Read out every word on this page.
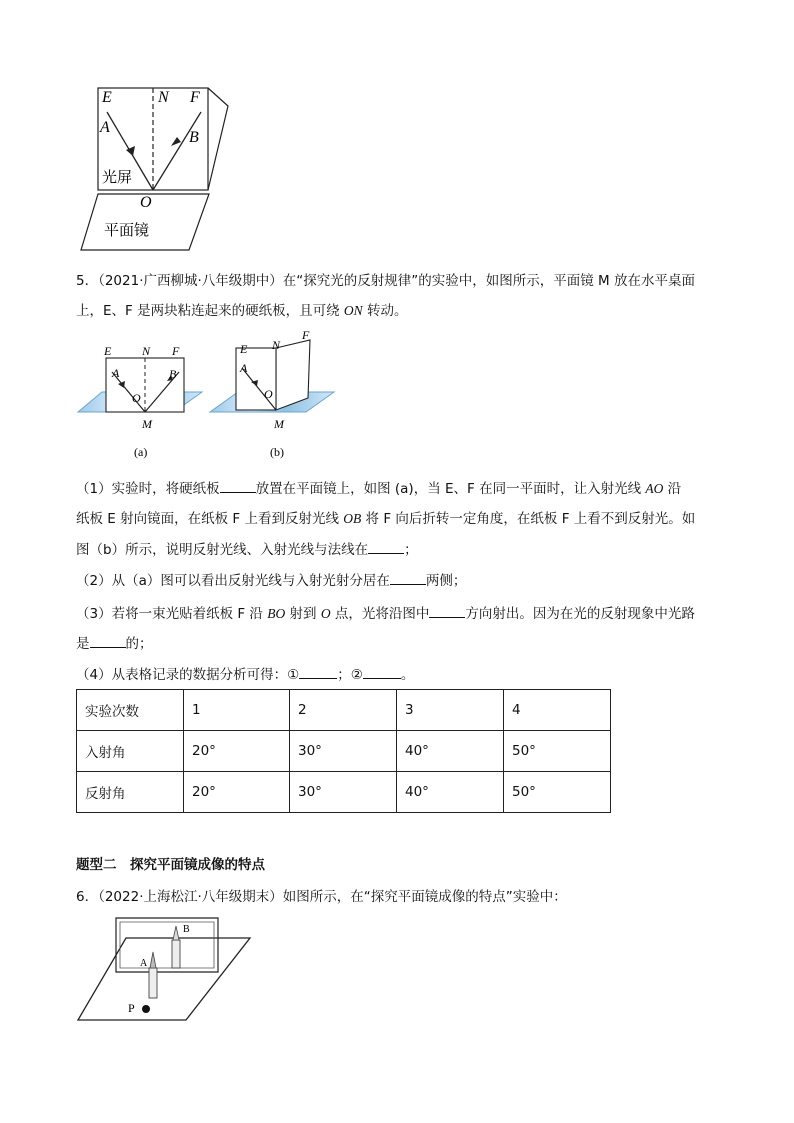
E	N F
A
B
O
光屏
平面镜
5．（2021·广西柳城·八年级期中）在“探究光的反射规律”的实验中，如图所示，平面镜 M 放在水平桌面
上，E、F 是两块粘连起来的硬纸板，且可绕 ON 转动。
E	N F
A	B
O
M
(a)
E N
F
A
O
M
(b)
（1）实验时，将硬纸板	放置在平面镜上，如图 (a)，当 E、F 在同一平面时，让入射光线 AO 沿
纸板 E 射向镜面，在纸板 F 上看到反射光线 OB 将 F 向后折转一定角度，在纸板 F 上看不到反射光。如
图（b）所示，说明反射光线、入射光线与法线在	；
（2）从（a）图可以看出反射光线与入射光射分居在	两侧；
（3）若将一束光贴着纸板 F 沿 BO 射到 O 点，光将沿图中	方向射出。因为在光的反射现象中光路
是	的；
（4）从表格记录的数据分析可得：①	；②	。
实验次数	1	2	3	4
入射角	20°	30°	40°	50°
反射角	20°	30°	40°	50°
题型二　探究平面镜成像的特点
6．（2022·上海松江·八年级期末）如图所示，在“探究平面镜成像的特点”实验中：
A
B
P
